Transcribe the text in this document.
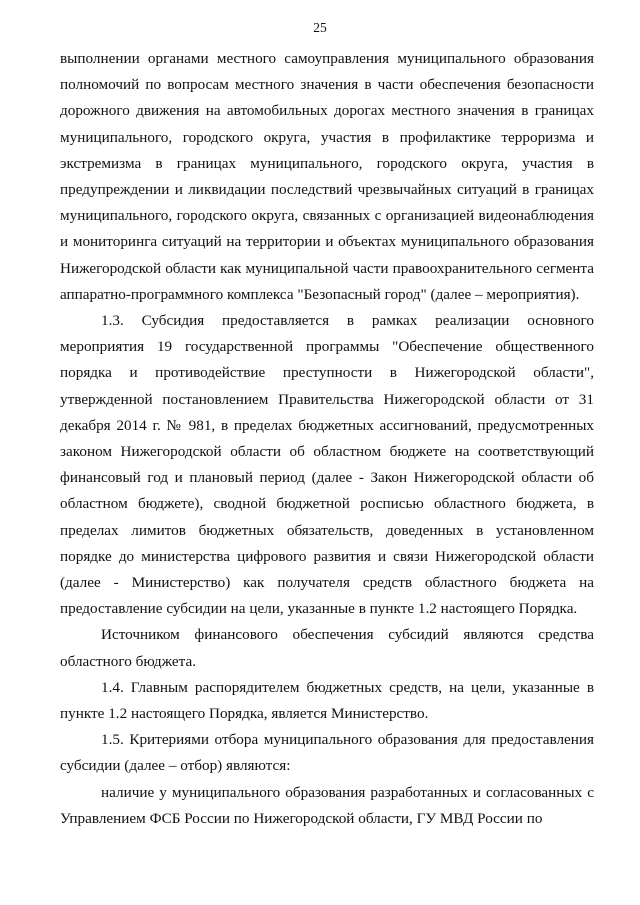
25

выполнении органами местного самоуправления муниципального образования полномочий по вопросам местного значения в части обеспечения безопасности дорожного движения на автомобильных дорогах местного значения в границах муниципального, городского округа, участия в профилактике терроризма и экстремизма в границах муниципального, городского округа, участия в предупреждении и ликвидации последствий чрезвычайных ситуаций в границах муниципального, городского округа, связанных с организацией видеонаблюдения и мониторинга ситуаций на территории и объектах муниципального образования Нижегородской области как муниципальной части правоохранительного сегмента аппаратно-программного комплекса "Безопасный город" (далее – мероприятия).

1.3. Субсидия предоставляется в рамках реализации основного мероприятия 19 государственной программы "Обеспечение общественного порядка и противодействие преступности в Нижегородской области", утвержденной постановлением Правительства Нижегородской области от 31 декабря 2014 г. № 981, в пределах бюджетных ассигнований, предусмотренных законом Нижегородской области об областном бюджете на соответствующий финансовый год и плановый период (далее - Закон Нижегородской области об областном бюджете), сводной бюджетной росписью областного бюджета, в пределах лимитов бюджетных обязательств, доведенных в установленном порядке до министерства цифрового развития и связи Нижегородской области (далее - Министерство) как получателя средств областного бюджета на предоставление субсидии на цели, указанные в пункте 1.2 настоящего Порядка.

Источником финансового обеспечения субсидий являются средства областного бюджета.

1.4. Главным распорядителем бюджетных средств, на цели, указанные в пункте 1.2 настоящего Порядка, является Министерство.

1.5. Критериями отбора муниципального образования для предоставления субсидии (далее – отбор) являются:

наличие у муниципального образования разработанных и согласованных с Управлением ФСБ России по Нижегородской области, ГУ МВД России по
